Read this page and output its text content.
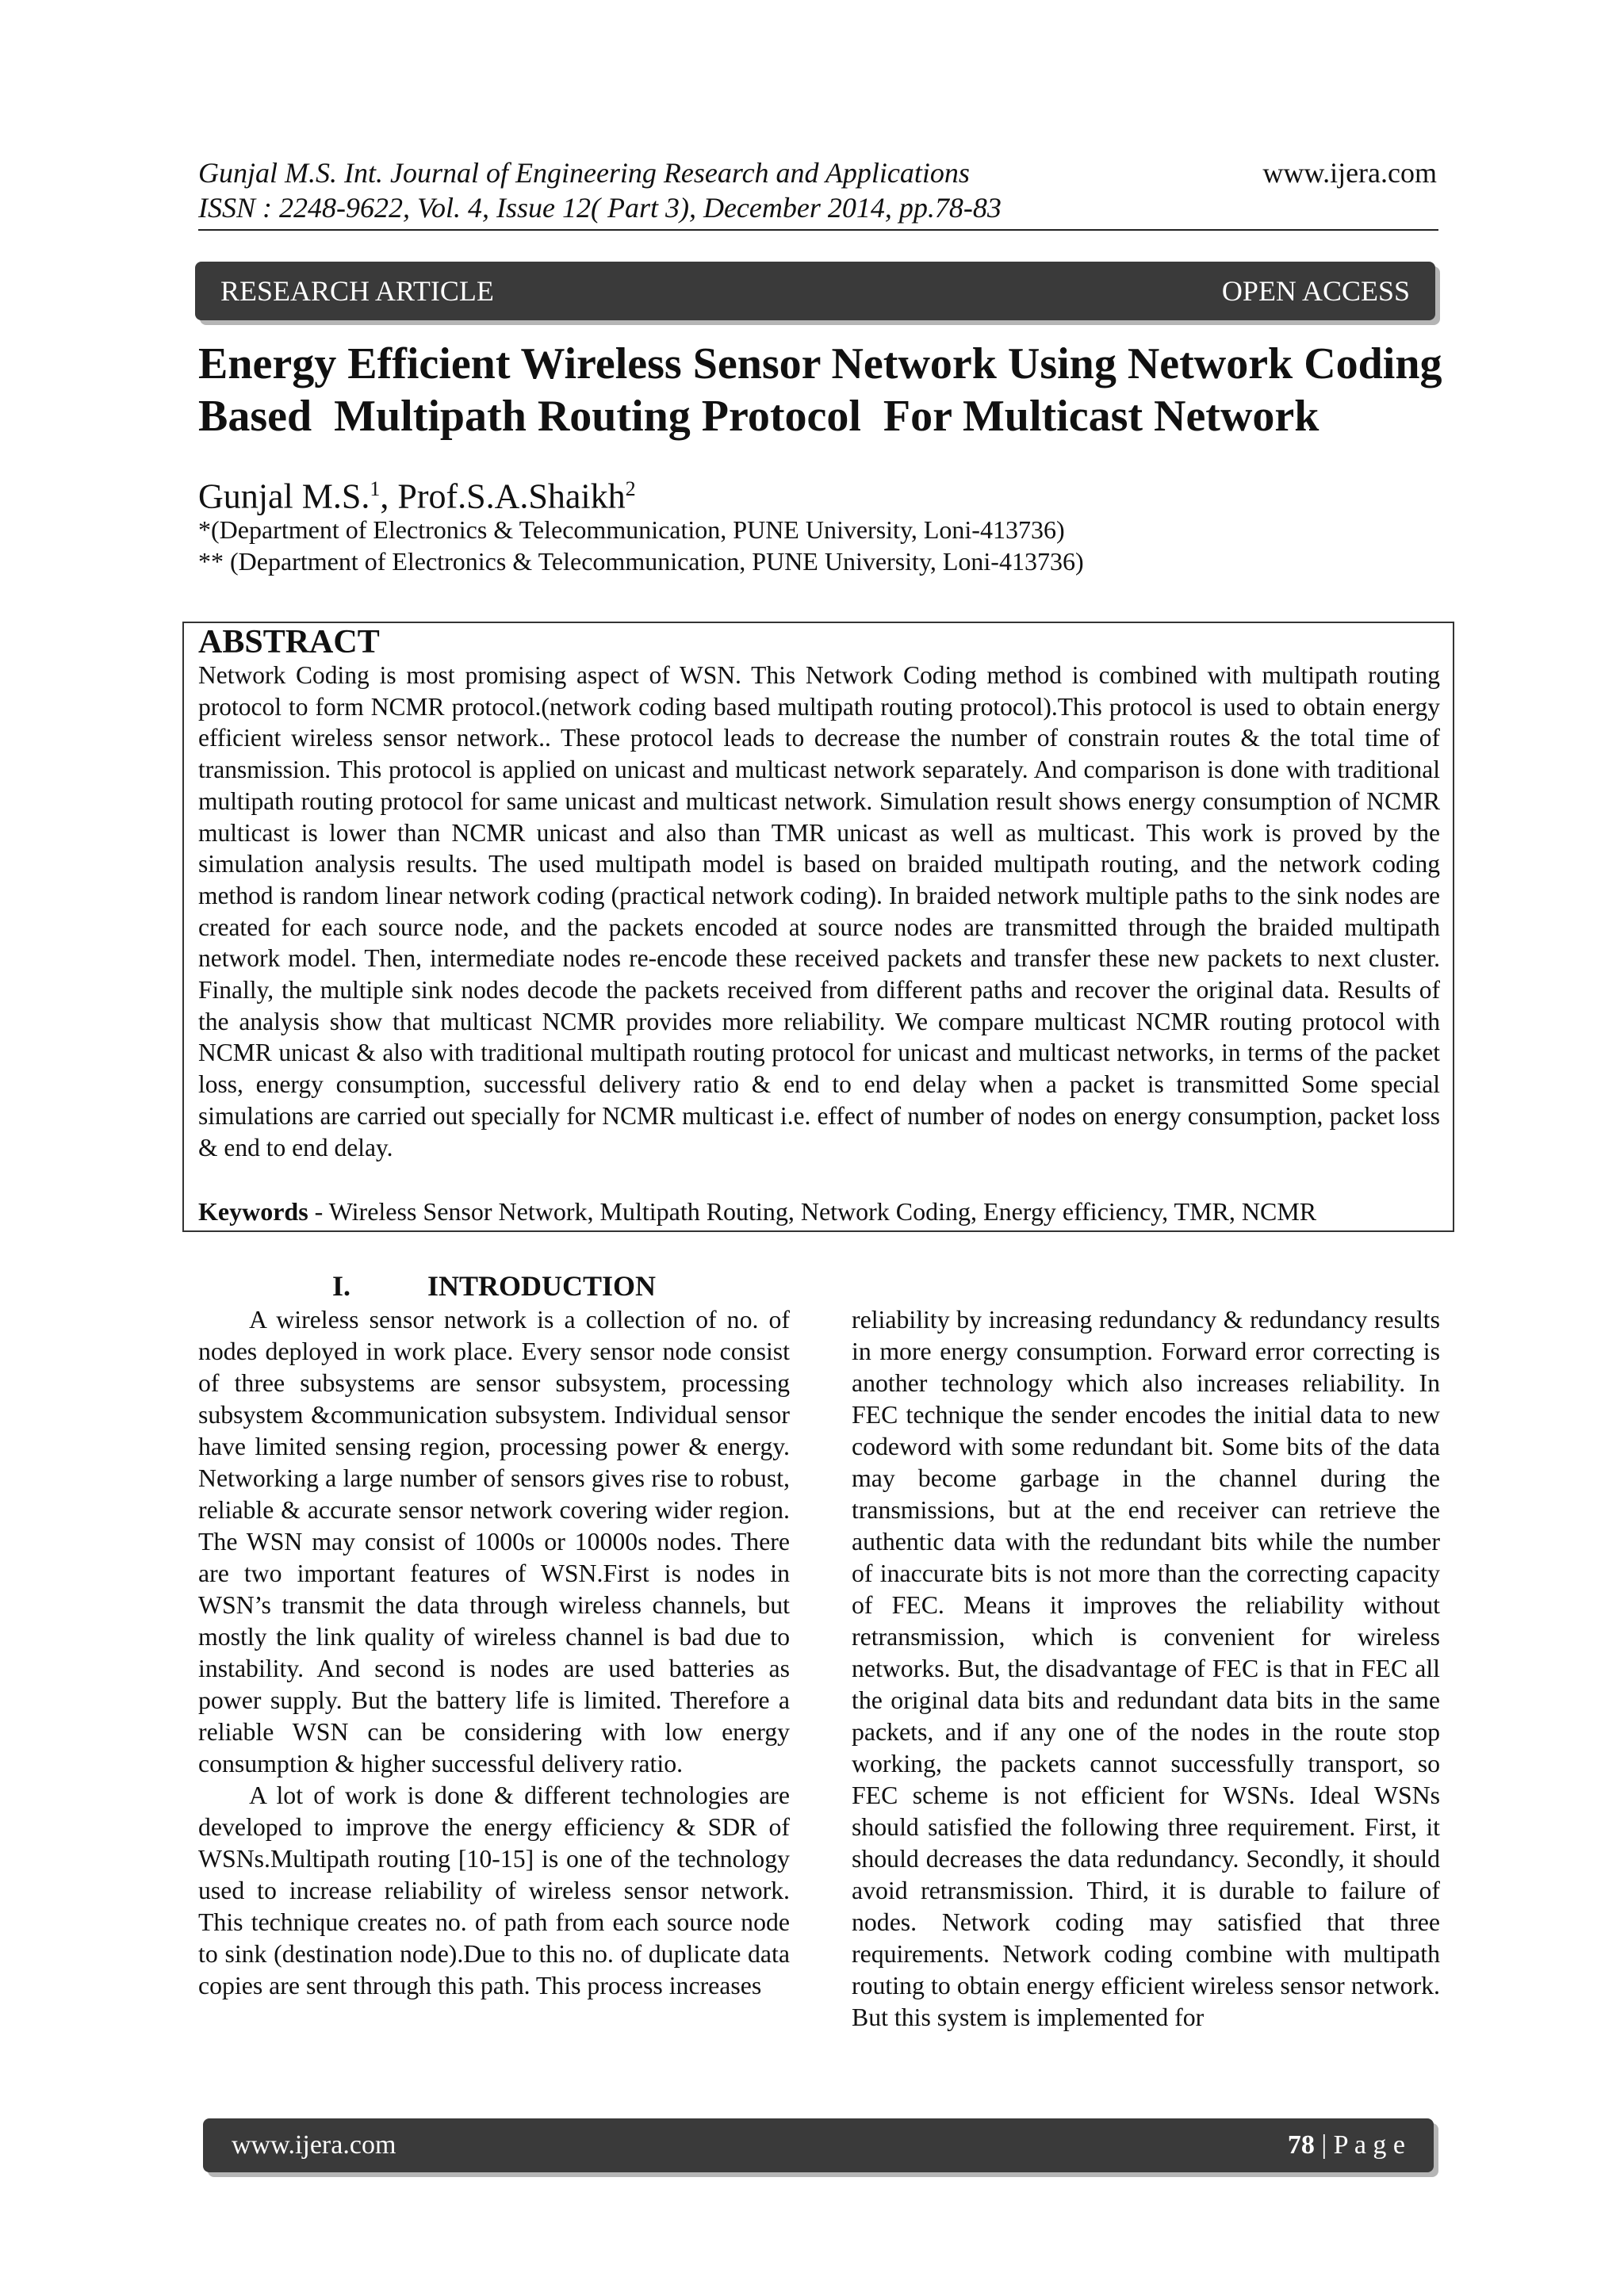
Gunjal M.S. Int. Journal of Engineering Research and Applications
ISSN : 2248-9622, Vol. 4, Issue 12( Part 3), December 2014, pp.78-83
www.ijera.com
RESEARCH ARTICLE	OPEN ACCESS
Energy Efficient Wireless Sensor Network Using Network Coding
Based  Multipath Routing Protocol  For Multicast Network
Gunjal M.S.$^1$, Prof.S.A.Shaikh$^2$
*(Department of Electronics & Telecommunication, PUNE University, Loni-413736)
** (Department of Electronics & Telecommunication, PUNE University, Loni-413736)
ABSTRACT

Network Coding is most promising aspect of WSN. This Network Coding method is combined with multipath routing protocol to form NCMR protocol.(network coding based multipath routing protocol).This protocol is used to obtain energy efficient wireless sensor network.. These protocol leads to decrease the number of constrain routes & the total time of transmission. This protocol is applied on unicast and multicast network separately. And comparison is done with traditional multipath routing protocol for same unicast and multicast network. Simulation result shows energy consumption of NCMR multicast is lower than NCMR unicast and also than TMR unicast as well as multicast. This work is proved by the simulation analysis results. The used multipath model is based on braided multipath routing, and the network coding method is random linear network coding (practical network coding). In braided network multiple paths to the sink nodes are created for each source node, and the packets encoded at source nodes are transmitted through the braided multipath network model. Then, intermediate nodes re-encode these received packets and transfer these new packets to next cluster. Finally, the multiple sink nodes decode the packets received from different paths and recover the original data. Results of the analysis show that multicast NCMR provides more reliability. We compare multicast NCMR routing protocol with NCMR unicast & also with traditional multipath routing protocol for unicast and multicast networks, in terms of the packet loss, energy consumption, successful delivery ratio & end to end delay when a packet is transmitted Some special simulations are carried out specially for NCMR multicast i.e. effect of number of nodes on energy consumption, packet loss & end to end delay.

Keywords - Wireless Sensor Network, Multipath Routing, Network Coding, Energy efficiency, TMR, NCMR
I.	INTRODUCTION

A wireless sensor network is a collection of no. of nodes deployed in work place. Every sensor node consist of three subsystems are sensor subsystem, processing subsystem &communication subsystem. Individual sensor have limited sensing region, processing power & energy. Networking a large number of sensors gives rise to robust, reliable & accurate sensor network covering wider region. The WSN may consist of 1000s or 10000s nodes. There are two important features of WSN.First is nodes in WSN’s transmit the data through wireless channels, but mostly the link quality of wireless channel is bad due to instability. And second is nodes are used batteries as power supply. But the battery life is limited. Therefore a reliable WSN can be considering with low energy consumption & higher successful delivery ratio.

A lot of work is done & different technologies are developed to improve the energy efficiency & SDR of WSNs.Multipath routing [10-15] is one of the technology used to increase reliability of wireless sensor network. This technique creates no. of path from each source node to sink (destination node).Due to this no. of duplicate data copies are sent through this path. This process increases

reliability by increasing redundancy & redundancy results in more energy consumption. Forward error correcting is another technology which also increases reliability. In FEC technique the sender encodes the initial data to new codeword with some redundant bit. Some bits of the data may become garbage in the channel during the transmissions, but at the end receiver can retrieve the authentic data with the redundant bits while the number of inaccurate bits is not more than the correcting capacity of FEC. Means it improves the reliability without retransmission, which is convenient for wireless networks. But, the disadvantage of FEC is that in FEC all the original data bits and redundant data bits in the same packets, and if any one of the nodes in the route stop working, the packets cannot successfully transport, so FEC scheme is not efficient for WSNs. Ideal WSNs should satisfied the following three requirement. First, it should decreases the data redundancy. Secondly, it should avoid retransmission. Third, it is durable to failure of nodes. Network coding may satisfied that three requirements. Network coding combine with multipath routing to obtain energy efficient wireless sensor network. But this system is implemented for

www.ijera.com	78 | P a g e
